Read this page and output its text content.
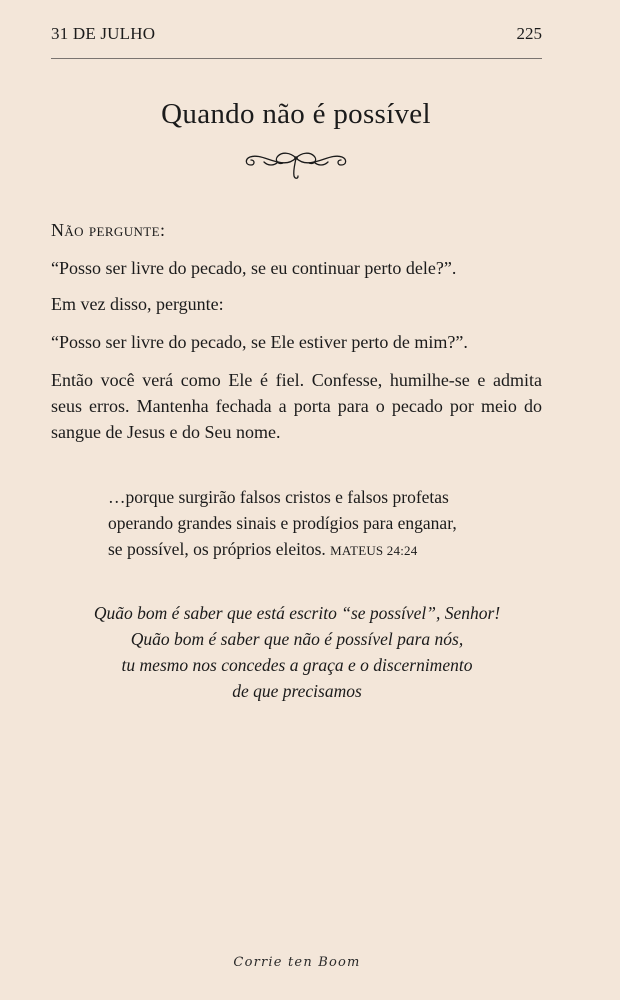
31 DE JULHO	225
Quando não é possível
Não pergunte:
“Posso ser livre do pecado, se eu continuar perto dele?”.
Em vez disso, pergunte:
“Posso ser livre do pecado, se Ele estiver perto de mim?”.
Então você verá como Ele é fiel. Confesse, humilhe-se e admita seus erros. Mantenha fechada a porta para o pecado por meio do sangue de Jesus e do Seu nome.
…porque surgirão falsos cristos e falsos profetas
operando grandes sinais e prodígios para enganar,
se possível, os próprios eleitos. MATEUS 24:24
Quão bom é saber que está escrito “se possível”, Senhor!
Quão bom é saber que não é possível para nós,
tu mesmo nos concedes a graça e o discernimento
de que precisamos
Corrie ten Boom
